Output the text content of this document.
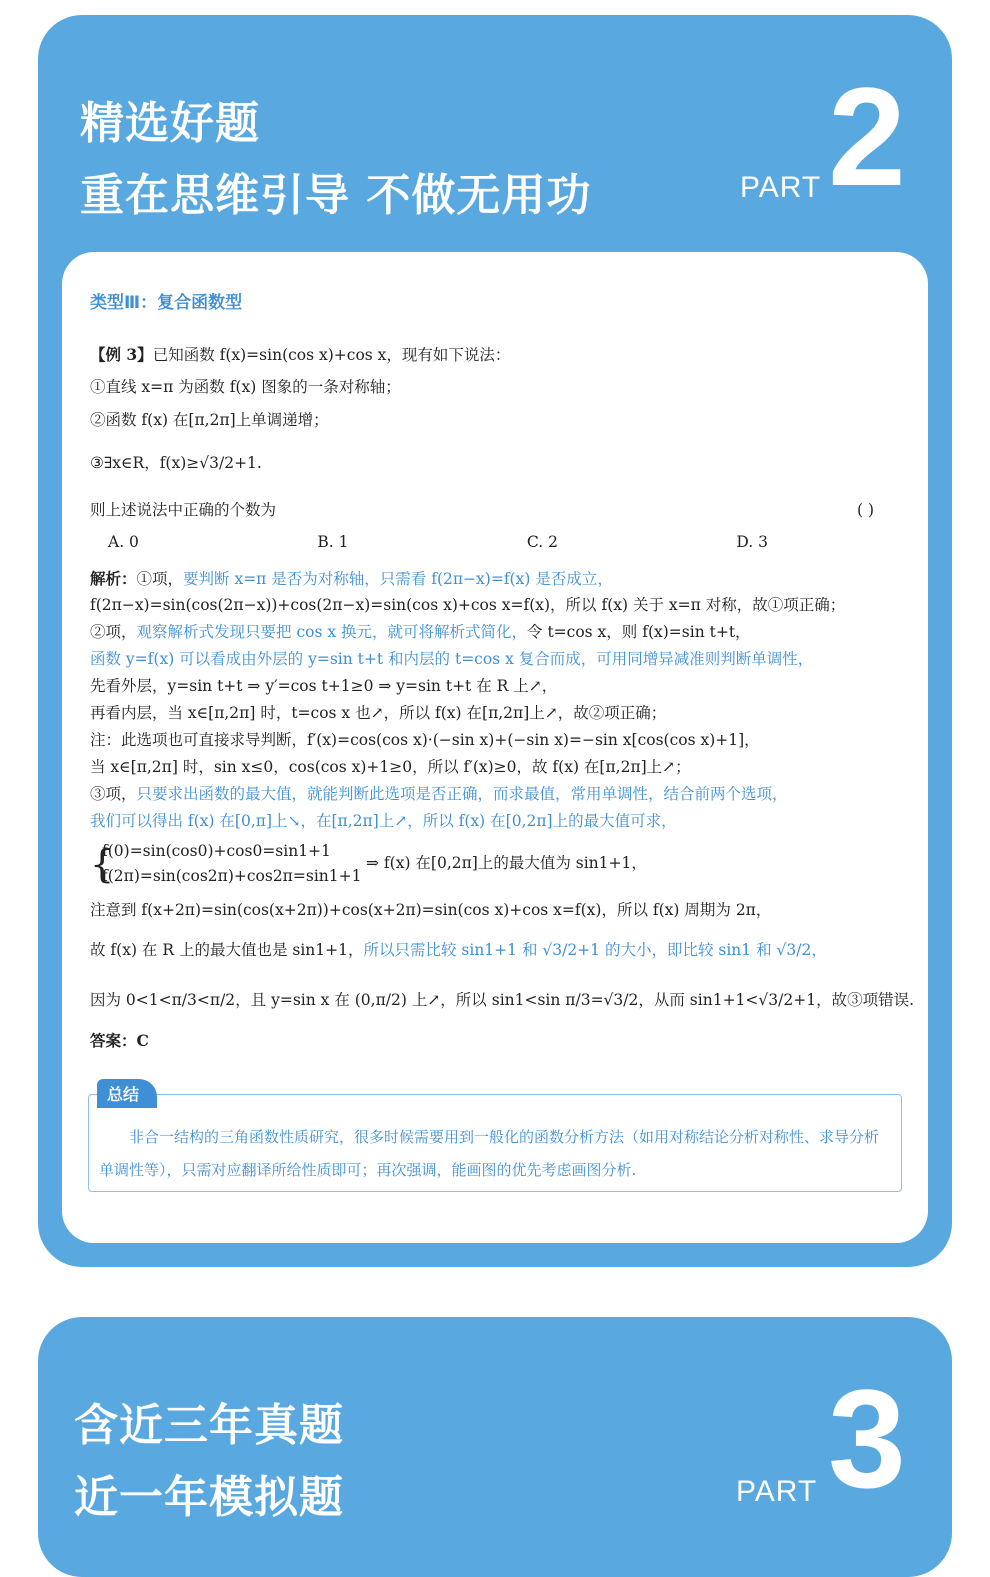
精选好题
重在思维引导 不做无用功	PART 2
类型Ⅲ：复合函数型
【例 3】已知函数 f(x)=sin(cos x)+cos x，现有如下说法：
①直线 x=π 为函数 f(x) 图象的一条对称轴；
②函数 f(x) 在[π,2π]上单调递增；
③∃x∈R，f(x)≥√3/2+1.
则上述说法中正确的个数为	( )
A. 0	B. 1	C. 2	D. 3
解析：①项，要判断 x=π 是否为对称轴，只需看 f(2π−x)=f(x) 是否成立，
f(2π−x)=sin(cos(2π−x))+cos(2π−x)=sin(cos x)+cos x=f(x)，所以 f(x) 关于 x=π 对称，故①项正确；
②项，观察解析式发现只要把 cos x 换元，就可将解析式简化，令 t=cos x，则 f(x)=sin t+t，
函数 y=f(x) 可以看成由外层的 y=sin t+t 和内层的 t=cos x 复合而成，可用同增异减准则判断单调性，
先看外层，y=sin t+t ⇒ y′=cos t+1≥0 ⇒ y=sin t+t 在 R 上↗，
再看内层，当 x∈[π,2π] 时，t=cos x 也↗，所以 f(x) 在[π,2π]上↗，故②项正确；
注：此选项也可直接求导判断，f′(x)=cos(cos x)·(−sin x)+(−sin x)=−sin x[cos(cos x)+1]，
当 x∈[π,2π] 时，sin x≤0，cos(cos x)+1≥0，所以 f′(x)≥0，故 f(x) 在[π,2π]上↗；
③项，只要求出函数的最大值，就能判断此选项是否正确，而求最值，常用单调性，结合前两个选项，
我们可以得出 f(x) 在[0,π]上↘，在[π,2π]上↗，所以 f(x) 在[0,2π]上的最大值可求，
{
f(0)=sin(cos0)+cos0=sin1+1
f(2π)=sin(cos2π)+cos2π=sin1+1
⇒ f(x) 在[0,2π]上的最大值为 sin1+1，
注意到 f(x+2π)=sin(cos(x+2π))+cos(x+2π)=sin(cos x)+cos x=f(x)，所以 f(x) 周期为 2π，
故 f(x) 在 R 上的最大值也是 sin1+1，所以只需比较 sin1+1 和 √3/2+1 的大小，即比较 sin1 和 √3/2，
因为 0<1<π/3<π/2，且 y=sin x 在 (0,π/2) 上↗，所以 sin1<sin π/3=√3/2，从而 sin1+1<√3/2+1，故③项错误.
答案：C
总结
非合一结构的三角函数性质研究，很多时候需要用到一般化的函数分析方法（如用对称结论分析对称性、求导分析单调性等），只需对应翻译所给性质即可；再次强调，能画图的优先考虑画图分析.
含近三年真题
近一年模拟题	PART 3
